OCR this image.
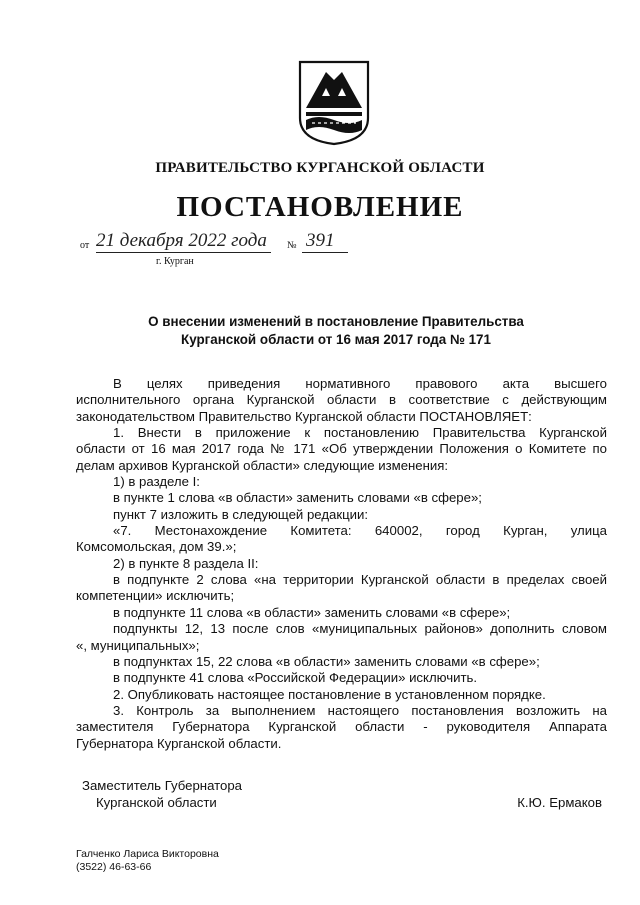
ПРАВИТЕЛЬСТВО КУРГАНСКОЙ ОБЛАСТИ
ПОСТАНОВЛЕНИЕ
от 21 декабря 2022 года № 391
г. Курган
О внесении изменений в постановление Правительства
Курганской области от 16 мая 2017 года № 171

В целях приведения нормативного правового акта высшего

исполнительного органа Курганской области в соответствие с действующим

законодательством Правительство Курганской области ПОСТАНОВЛЯЕТ:

1. Внести в приложение к постановлению Правительства Курганской

области от 16 мая 2017 года № 171 «Об утверждении Положения о Комитете по

делам архивов Курганской области» следующие изменения:

1) в разделе I:

в пункте 1 слова «в области» заменить словами «в сфере»;

пункт 7 изложить в следующей редакции:

«7. Местонахождение Комитета: 640002, город Курган, улица

Комсомольская, дом 39.»;

2) в пункте 8 раздела II:

в подпункте 2 слова «на территории Курганской области в пределах своей

компетенции» исключить;

в подпункте 11 слова «в области» заменить словами «в сфере»;

подпункты 12, 13 после слов «муниципальных районов» дополнить словом

«, муниципальных»;

в подпунктах 15, 22 слова «в области» заменить словами «в сфере»;

в подпункте 41 слова «Российской Федерации» исключить.

2. Опубликовать настоящее постановление в установленном порядке.

3. Контроль за выполнением настоящего постановления возложить на

заместителя Губернатора Курганской области - руководителя Аппарата

Губернатора Курганской области.

Заместитель Губернатора
Курганской области	К.Ю. Ермаков
Галченко Лариса Викторовна
(3522) 46-63-66
